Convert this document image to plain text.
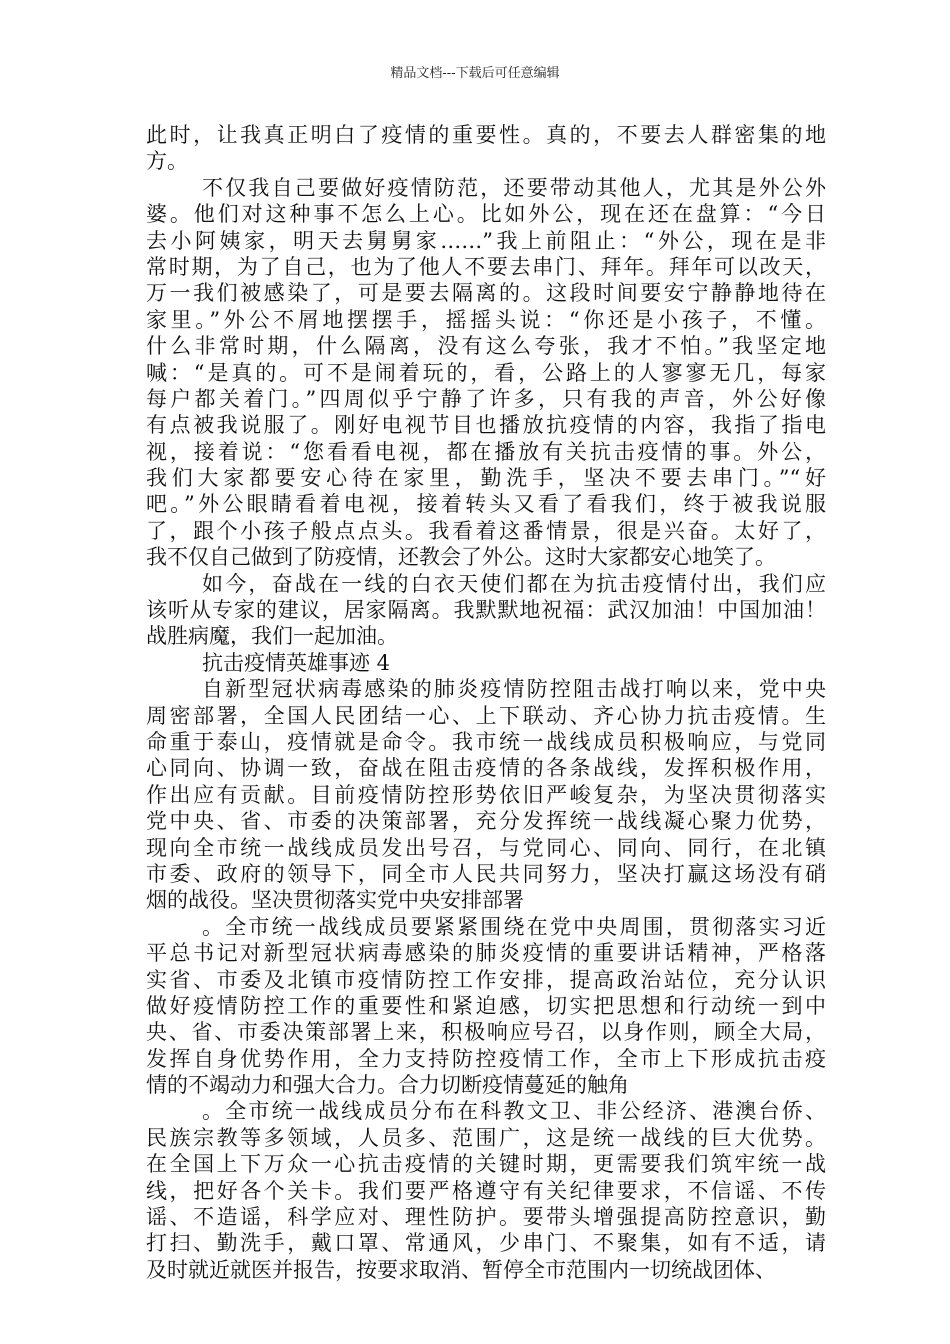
精品文档---下载后可任意编辑
此时，让我真正明白了疫情的重要性。真的，不要去人群密集的地
方。
不仅我自己要做好疫情防范，还要带动其他人，尤其是外公外
婆。他们对这种事不怎么上心。比如外公，现在还在盘算：“今日
去小阿姨家，明天去舅舅家……”我上前阻止：“外公，现在是非
常时期，为了自己，也为了他人不要去串门、拜年。拜年可以改天，
万一我们被感染了，可是要去隔离的。这段时间要安宁静静地待在
家里。”外公不屑地摆摆手，摇摇头说：“你还是小孩子，不懂。
什么非常时期，什么隔离，没有这么夸张，我才不怕。”我坚定地
喊：“是真的。可不是闹着玩的，看，公路上的人寥寥无几，每家
每户都关着门。”四周似乎宁静了许多，只有我的声音，外公好像
有点被我说服了。刚好电视节目也播放抗疫情的内容，我指了指电
视，接着说：“您看看电视，都在播放有关抗击疫情的事。外公，
我们大家都要安心待在家里，勤洗手，坚决不要去串门。”“好
吧。”外公眼睛看着电视，接着转头又看了看我们，终于被我说服
了，跟个小孩子般点点头。我看着这番情景，很是兴奋。太好了，
我不仅自己做到了防疫情，还教会了外公。这时大家都安心地笑了。
如今，奋战在一线的白衣天使们都在为抗击疫情付出，我们应
该听从专家的建议，居家隔离。我默默地祝福：武汉加油！中国加油！
战胜病魔，我们一起加油。
抗击疫情英雄事迹 4
自新型冠状病毒感染的肺炎疫情防控阻击战打响以来，党中央
周密部署，全国人民团结一心、上下联动、齐心协力抗击疫情。生
命重于泰山，疫情就是命令。我市统一战线成员积极响应，与党同
心同向、协调一致，奋战在阻击疫情的各条战线，发挥积极作用，
作出应有贡献。目前疫情防控形势依旧严峻复杂，为坚决贯彻落实
党中央、省、市委的决策部署，充分发挥统一战线凝心聚力优势，
现向全市统一战线成员发出号召，与党同心、同向、同行，在北镇
市委、政府的领导下，同全市人民共同努力，坚决打赢这场没有硝
烟的战役。坚决贯彻落实党中央安排部署
。全市统一战线成员要紧紧围绕在党中央周围，贯彻落实习近
平总书记对新型冠状病毒感染的肺炎疫情的重要讲话精神，严格落
实省、市委及北镇市疫情防控工作安排，提高政治站位，充分认识
做好疫情防控工作的重要性和紧迫感，切实把思想和行动统一到中
央、省、市委决策部署上来，积极响应号召，以身作则，顾全大局，
发挥自身优势作用，全力支持防控疫情工作，全市上下形成抗击疫
情的不竭动力和强大合力。合力切断疫情蔓延的触角
。全市统一战线成员分布在科教文卫、非公经济、港澳台侨、
民族宗教等多领域，人员多、范围广，这是统一战线的巨大优势。
在全国上下万众一心抗击疫情的关键时期，更需要我们筑牢统一战
线，把好各个关卡。我们要严格遵守有关纪律要求，不信谣、不传
谣、不造谣，科学应对、理性防护。要带头增强提高防控意识，勤
打扫、勤洗手，戴口罩、常通风，少串门、不聚集，如有不适，请
及时就近就医并报告，按要求取消、暂停全市范围内一切统战团体、
